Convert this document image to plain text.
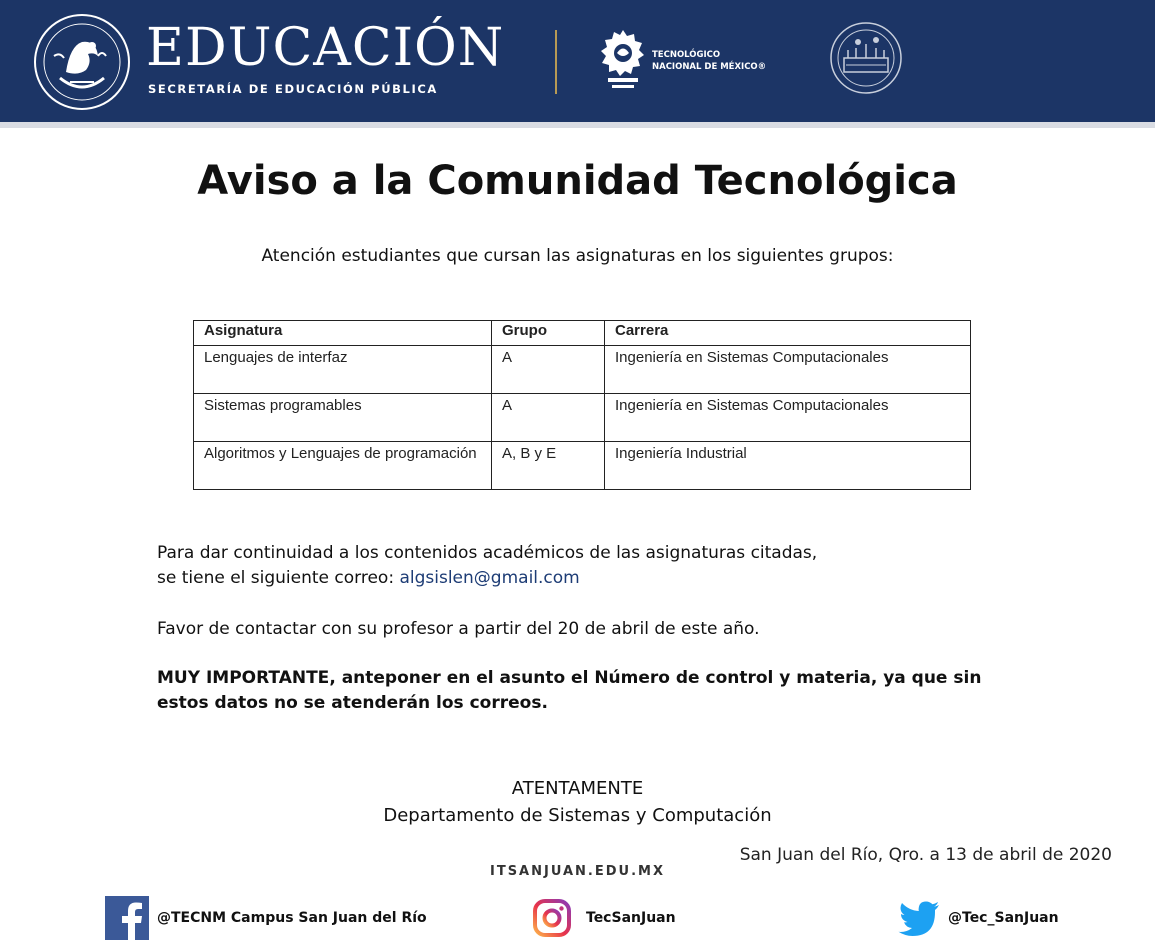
EDUCACIÓN
SECRETARÍA DE EDUCACIÓN PÚBLICA
TECNOLÓGICO
NACIONAL DE MÉXICO®
Aviso a la Comunidad Tecnológica
Atención estudiantes que cursan las asignaturas en los siguientes grupos:
Asignatura	Grupo	Carrera
Lenguajes de interfaz	A	Ingeniería en Sistemas Computacionales
Sistemas programables	A	Ingeniería en Sistemas Computacionales
Algoritmos y Lenguajes de programación	A, B y E	Ingeniería Industrial
Para dar continuidad a los contenidos académicos de las asignaturas citadas,
se tiene el siguiente correo: algsislen@gmail.com
Favor de contactar con su profesor a partir del 20 de abril de este año.
MUY IMPORTANTE, anteponer en el asunto el Número de control y materia, ya que sin
estos datos no se atenderán los correos.
ATENTAMENTE
Departamento de Sistemas y Computación
San Juan del Río, Qro. a 13 de abril de 2020
ITSANJUAN.EDU.MX
@TECNM Campus San Juan del Río	TecSanJuan	@Tec_SanJuan
